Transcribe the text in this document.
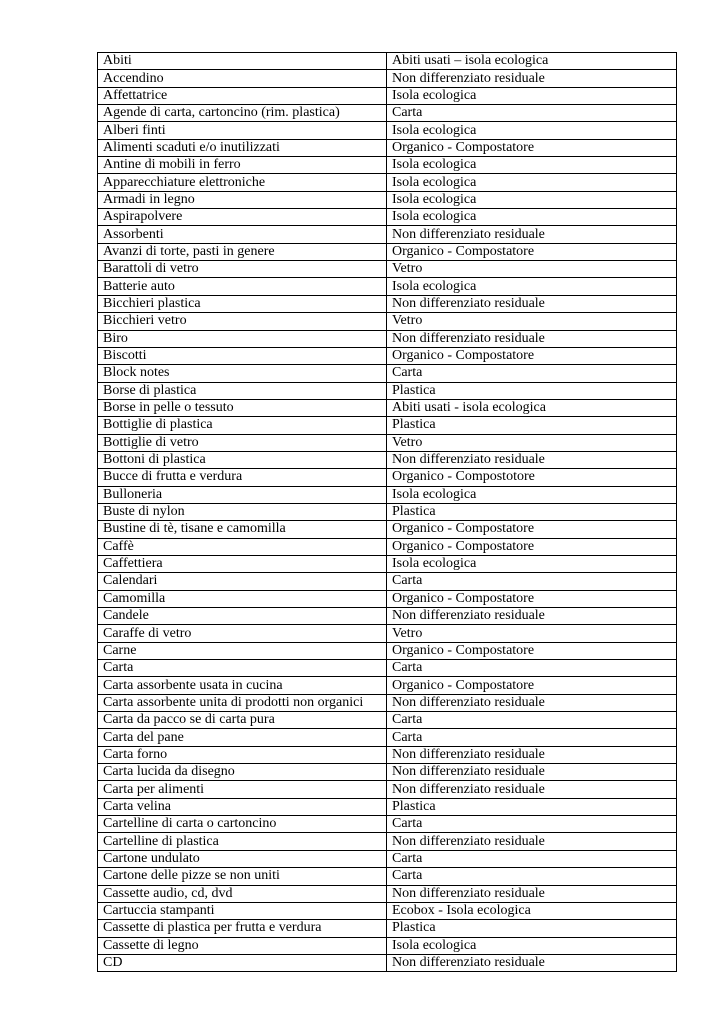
Abiti	Abiti usati – isola ecologica
Accendino	Non differenziato residuale
Affettatrice	Isola ecologica
Agende di carta, cartoncino (rim. plastica)	Carta
Alberi finti	Isola ecologica
Alimenti scaduti e/o inutilizzati	Organico - Compostatore
Antine di mobili in ferro	Isola ecologica
Apparecchiature elettroniche	Isola ecologica
Armadi in legno	Isola ecologica
Aspirapolvere	Isola ecologica
Assorbenti	Non differenziato residuale
Avanzi di torte, pasti in genere	Organico - Compostatore
Barattoli di vetro	Vetro
Batterie auto	Isola ecologica
Bicchieri plastica	Non differenziato residuale
Bicchieri vetro	Vetro
Biro	Non differenziato residuale
Biscotti	Organico - Compostatore
Block notes	Carta
Borse di plastica	Plastica
Borse in pelle o tessuto	Abiti usati - isola ecologica
Bottiglie di plastica	Plastica
Bottiglie di vetro	Vetro
Bottoni di plastica	Non differenziato residuale
Bucce di frutta e verdura	Organico - Compostotore
Bulloneria	Isola ecologica
Buste di nylon	Plastica
Bustine di tè, tisane e camomilla	Organico - Compostatore
Caffè	Organico - Compostatore
Caffettiera	Isola ecologica
Calendari	Carta
Camomilla	Organico - Compostatore
Candele	Non differenziato residuale
Caraffe di vetro	Vetro
Carne	Organico - Compostatore
Carta	Carta
Carta assorbente usata in cucina	Organico - Compostatore
Carta assorbente unita di prodotti non organici	Non differenziato residuale
Carta da pacco se di carta pura	Carta
Carta del pane	Carta
Carta forno	Non differenziato residuale
Carta lucida da disegno	Non differenziato residuale
Carta per alimenti	Non differenziato residuale
Carta velina	Plastica
Cartelline di carta o cartoncino	Carta
Cartelline di plastica	Non differenziato residuale
Cartone undulato	Carta
Cartone delle pizze se non uniti	Carta
Cassette audio, cd, dvd	Non differenziato residuale
Cartuccia stampanti	Ecobox - Isola ecologica
Cassette di plastica per frutta e verdura	Plastica
Cassette di legno	Isola ecologica
CD	Non differenziato residuale
